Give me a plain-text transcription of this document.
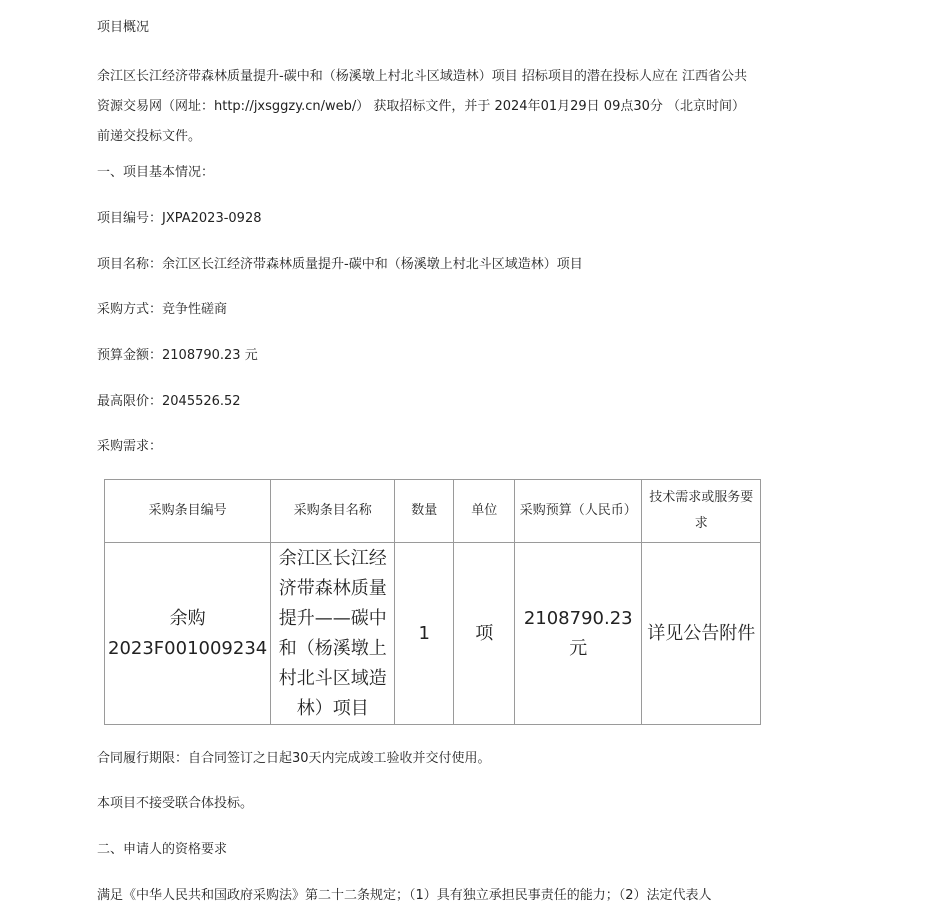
项目概况

余江区长江经济带森林质量提升-碳中和（杨溪墩上村北斗区域造林）项目 招标项目的潜在投标人应在 江西省公共资源交易网（网址：http://jxsggzy.cn/web/） 获取招标文件，并于 2024年01月29日 09点30分 （北京时间）前递交投标文件。

一、项目基本情况：

项目编号：JXPA2023-0928

项目名称：余江区长江经济带森林质量提升-碳中和（杨溪墩上村北斗区域造林）项目

采购方式：竞争性磋商

预算金额：2108790.23 元

最高限价：2045526.52

采购需求：

采购条目编号	采购条目名称	数量	单位	采购预算（人民币）	技术需求或服务要求
余购2023F001009234	余江区长江经济带森林质量提升——碳中和（杨溪墩上村北斗区域造林）项目	1	项	2108790.23元	详见公告附件

合同履行期限：自合同签订之日起30天内完成竣工验收并交付使用。

本项目不接受联合体投标。

二、申请人的资格要求

满足《中华人民共和国政府采购法》第二十二条规定；（1）具有独立承担民事责任的能力；（2）法定代表人
